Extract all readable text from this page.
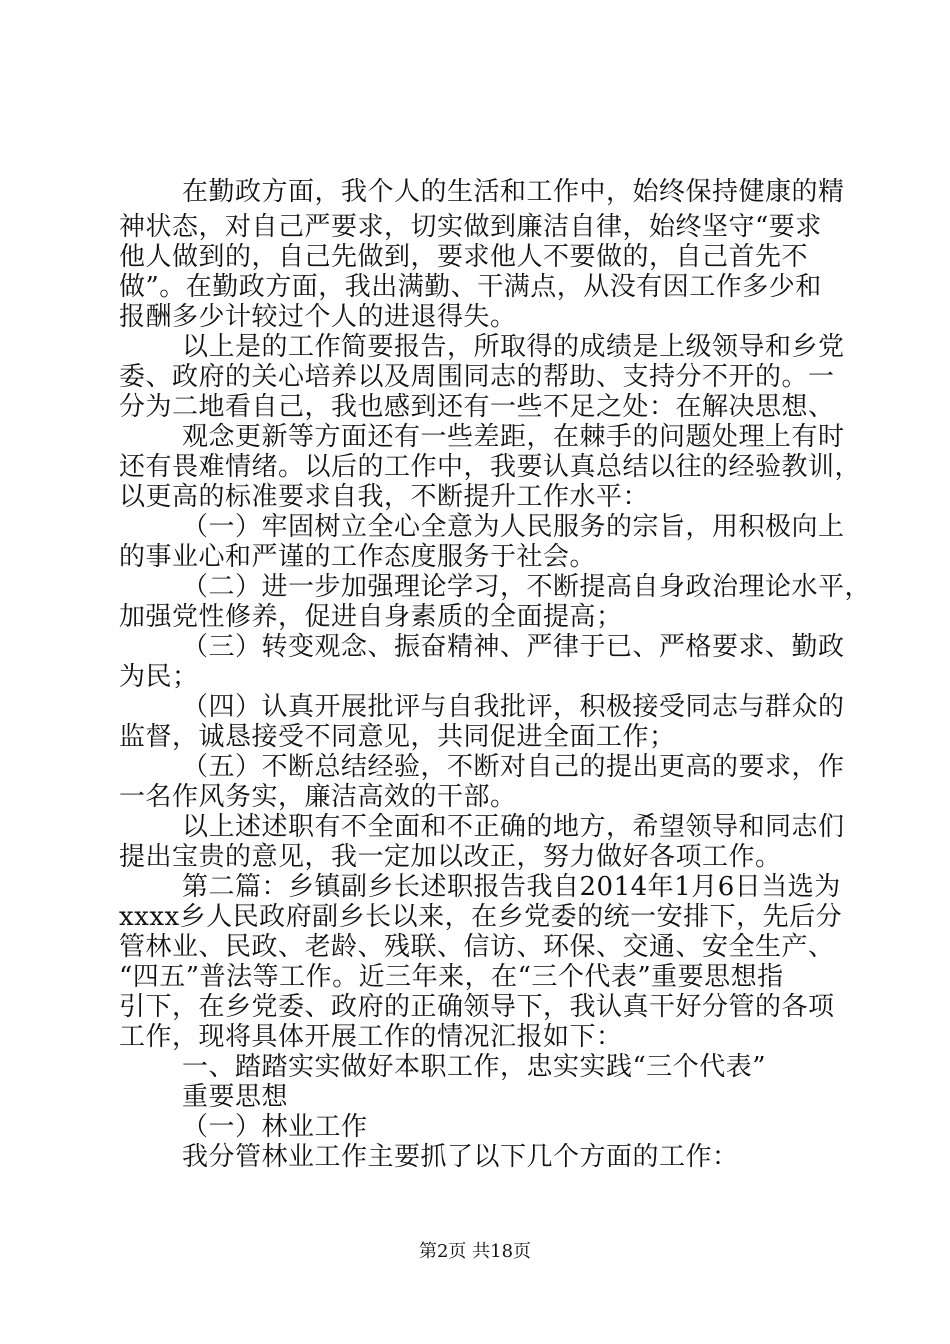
在勤政方面，我个人的生活和工作中，始终保持健康的精
神状态，对自己严要求，切实做到廉洁自律，始终坚守“要求
他人做到的，自己先做到，要求他人不要做的，自己首先不
做”。在勤政方面，我出满勤、干满点，从没有因工作多少和
报酬多少计较过个人的进退得失。
以上是的工作简要报告，所取得的成绩是上级领导和乡党
委、政府的关心培养以及周围同志的帮助、支持分不开的。一
分为二地看自己，我也感到还有一些不足之处：在解决思想、
观念更新等方面还有一些差距，在棘手的问题处理上有时
还有畏难情绪。以后的工作中，我要认真总结以往的经验教训，
以更高的标准要求自我，不断提升工作水平：
（一）牢固树立全心全意为人民服务的宗旨，用积极向上
的事业心和严谨的工作态度服务于社会。
（二）进一步加强理论学习，不断提高自身政治理论水平，
加强党性修养，促进自身素质的全面提高；
（三）转变观念、振奋精神、严律于已、严格要求、勤政
为民；
（四）认真开展批评与自我批评，积极接受同志与群众的
监督，诚恳接受不同意见，共同促进全面工作；
（五）不断总结经验，不断对自己的提出更高的要求，作
一名作风务实，廉洁高效的干部。
以上述述职有不全面和不正确的地方，希望领导和同志们
提出宝贵的意见，我一定加以改正，努力做好各项工作。
第二篇：乡镇副乡长述职报告我自2014年1月6日当选为
xxxx乡人民政府副乡长以来，在乡党委的统一安排下，先后分
管林业、民政、老龄、残联、信访、环保、交通、安全生产、
“四五”普法等工作。近三年来，在“三个代表”重要思想指
引下，在乡党委、政府的正确领导下，我认真干好分管的各项
工作，现将具体开展工作的情况汇报如下：
一、踏踏实实做好本职工作，忠实实践“三个代表”
重要思想
（一）林业工作
我分管林业工作主要抓了以下几个方面的工作：
第2页 共18页
